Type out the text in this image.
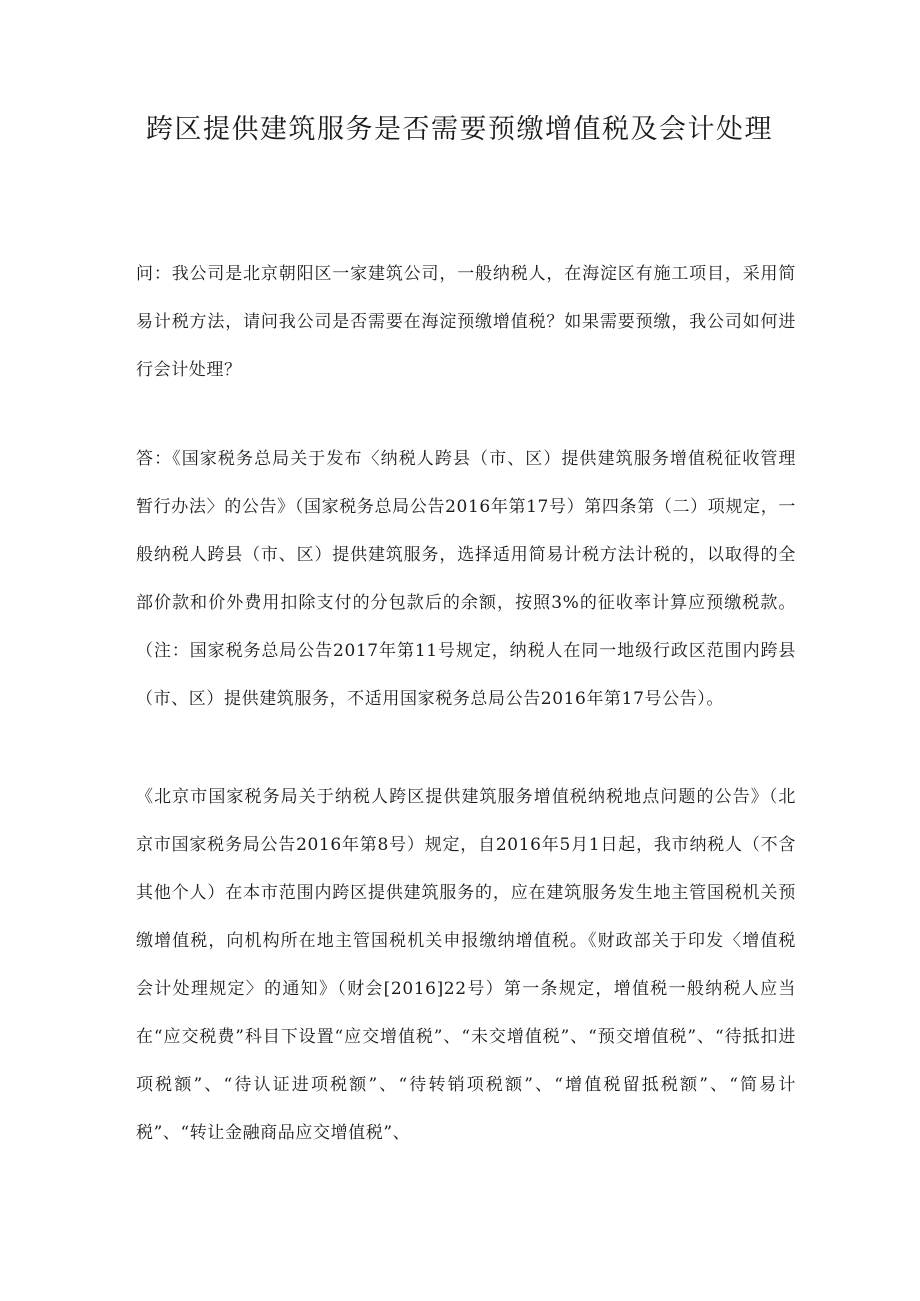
跨区提供建筑服务是否需要预缴增值税及会计处理

问：我公司是北京朝阳区一家建筑公司，一般纳税人，在海淀区有施工项目，采用简易计税方法，请问我公司是否需要在海淀预缴增值税？如果需要预缴，我公司如何进行会计处理？

答：《国家税务总局关于发布〈纳税人跨县（市、区）提供建筑服务增值税征收管理暂行办法〉的公告》（国家税务总局公告2016年第17号）第四条第（二）项规定，一般纳税人跨县（市、区）提供建筑服务，选择适用简易计税方法计税的，以取得的全部价款和价外费用扣除支付的分包款后的余额，按照3%的征收率计算应预缴税款。（注：国家税务总局公告2017年第11号规定，纳税人在同一地级行政区范围内跨县（市、区）提供建筑服务，不适用国家税务总局公告2016年第17号公告）。

《北京市国家税务局关于纳税人跨区提供建筑服务增值税纳税地点问题的公告》（北京市国家税务局公告2016年第8号）规定，自2016年5月1日起，我市纳税人（不含其他个人）在本市范围内跨区提供建筑服务的，应在建筑服务发生地主管国税机关预缴增值税，向机构所在地主管国税机关申报缴纳增值税。《财政部关于印发〈增值税会计处理规定〉的通知》（财会[2016]22号）第一条规定，增值税一般纳税人应当在“应交税费”科目下设置“应交增值税”、“未交增值税”、“预交增值税”、“待抵扣进项税额”、“待认证进项税额”、“待转销项税额”、“增值税留抵税额”、“简易计税”、“转让金融商品应交增值税”、
